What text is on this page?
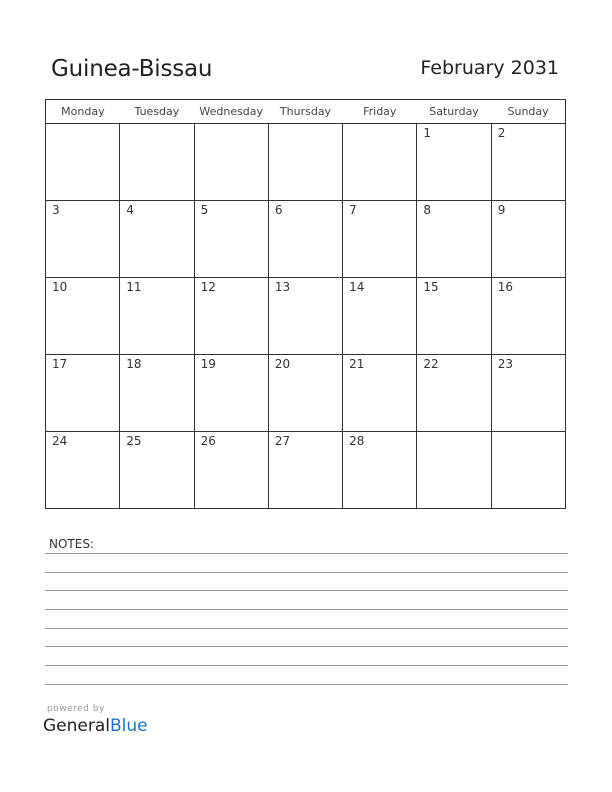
Guinea-Bissau	February 2031
Monday	Tuesday	Wednesday	Thursday	Friday	Saturday	Sunday

					1	2

3	4	5	6	7	8	9

10	11	12	13	14	15	16

17	18	19	20	21	22	23

24	25	26	27	28		

NOTES:
powered by
GeneralBlue
